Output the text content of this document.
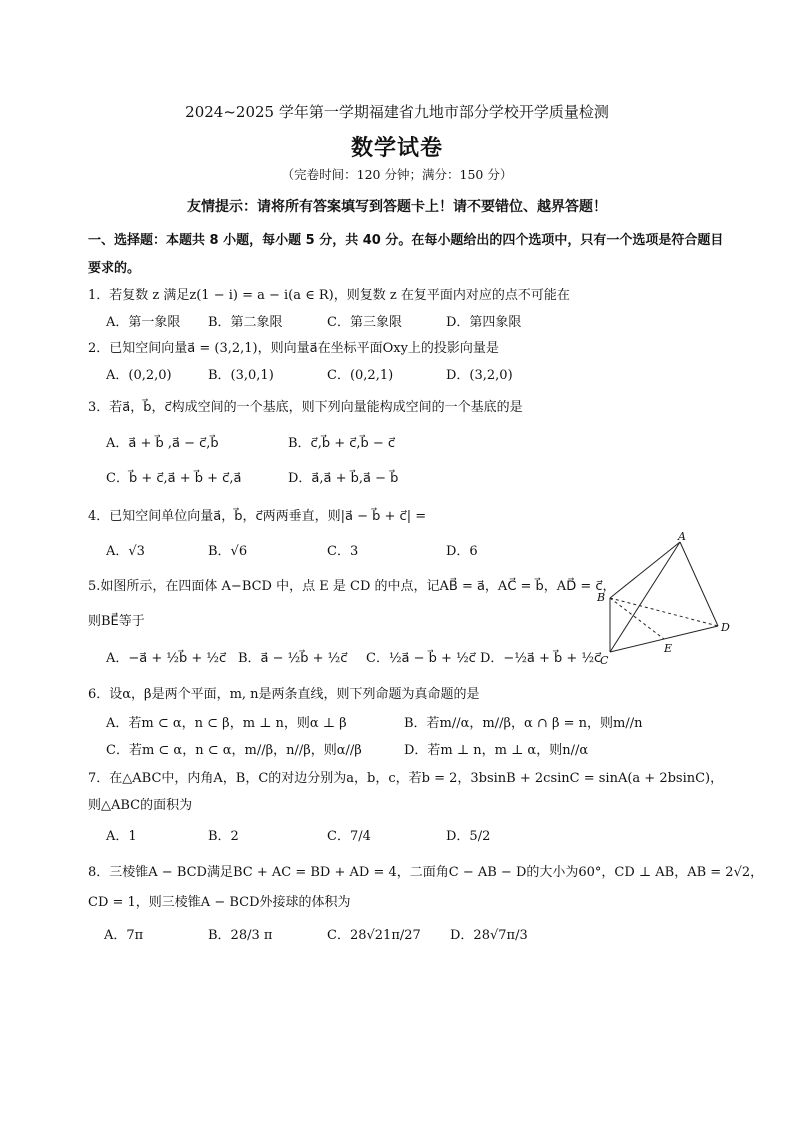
2024~2025 学年第一学期福建省九地市部分学校开学质量检测
数学试卷
（完卷时间：120 分钟；满分：150 分）
友情提示：请将所有答案填写到答题卡上！请不要错位、越界答题！
一、选择题：本题共 8 小题，每小题 5 分，共 40 分。在每小题给出的四个选项中，只有一个选项是符合题目要求的。
1．若复数 z 满足z(1 − i) = a − i(a ∈ R)，则复数 z 在复平面内对应的点不可能在
A．第一象限 B．第二象限	C．第三象限	D．第四象限
2．已知空间向量a⃗ = (3,2,1)，则向量a⃗在坐标平面Oxy上的投影向量是
A．(0,2,0)	B．(3,0,1)	C．(0,2,1)	D．(3,2,0)
3．若a⃗，b⃗，c⃗构成空间的一个基底，则下列向量能构成空间的一个基底的是
A．a⃗ + b⃗ ,a⃗ − c⃗,b⃗	B．c⃗,b⃗ + c⃗,b⃗ − c⃗
C．b⃗ + c⃗,a⃗ + b⃗ + c⃗,a⃗	D．a⃗,a⃗ + b⃗,a⃗ − b⃗
4．已知空间单位向量a⃗，b⃗，c⃗两两垂直，则|a⃗ − b⃗ + c⃗| =
A．√3	B．√6	C．3	D．6
5.如图所示，在四面体 A−BCD 中，点 E 是 CD 的中点，记AB⃗ = a⃗，AC⃗ = b⃗，AD⃗ = c⃗，
则BE⃗等于
A．−a⃗ + ½b⃗ + ½c⃗ B．a⃗ − ½b⃗ + ½c⃗ C．½a⃗ − b⃗ + ½c⃗ D．−½a⃗ + b⃗ + ½c⃗
A
B
C
D
E
6．设α，β是两个平面，m, n是两条直线，则下列命题为真命题的是
A．若m ⊂ α，n ⊂ β，m ⊥ n，则α ⊥ β	B．若m//α，m//β，α ∩ β = n，则m//n
C．若m ⊂ α，n ⊂ α，m//β，n//β，则α//β	D．若m ⊥ n，m ⊥ α，则n//α
7．在△ABC中，内角A，B，C的对边分别为a，b，c，若b = 2，3bsinB + 2csinC = sinA(a + 2bsinC)，
则△ABC的面积为
A．1	B．2	C．7/4	D．5/2
8．三棱锥A − BCD满足BC + AC = BD + AD = 4，二面角C − AB − D的大小为60°，CD ⊥ AB，AB = 2√2，
CD = 1，则三棱锥A − BCD外接球的体积为
A．7π	B．28/3 π	C．28√21π/27 D．28√7π/3
